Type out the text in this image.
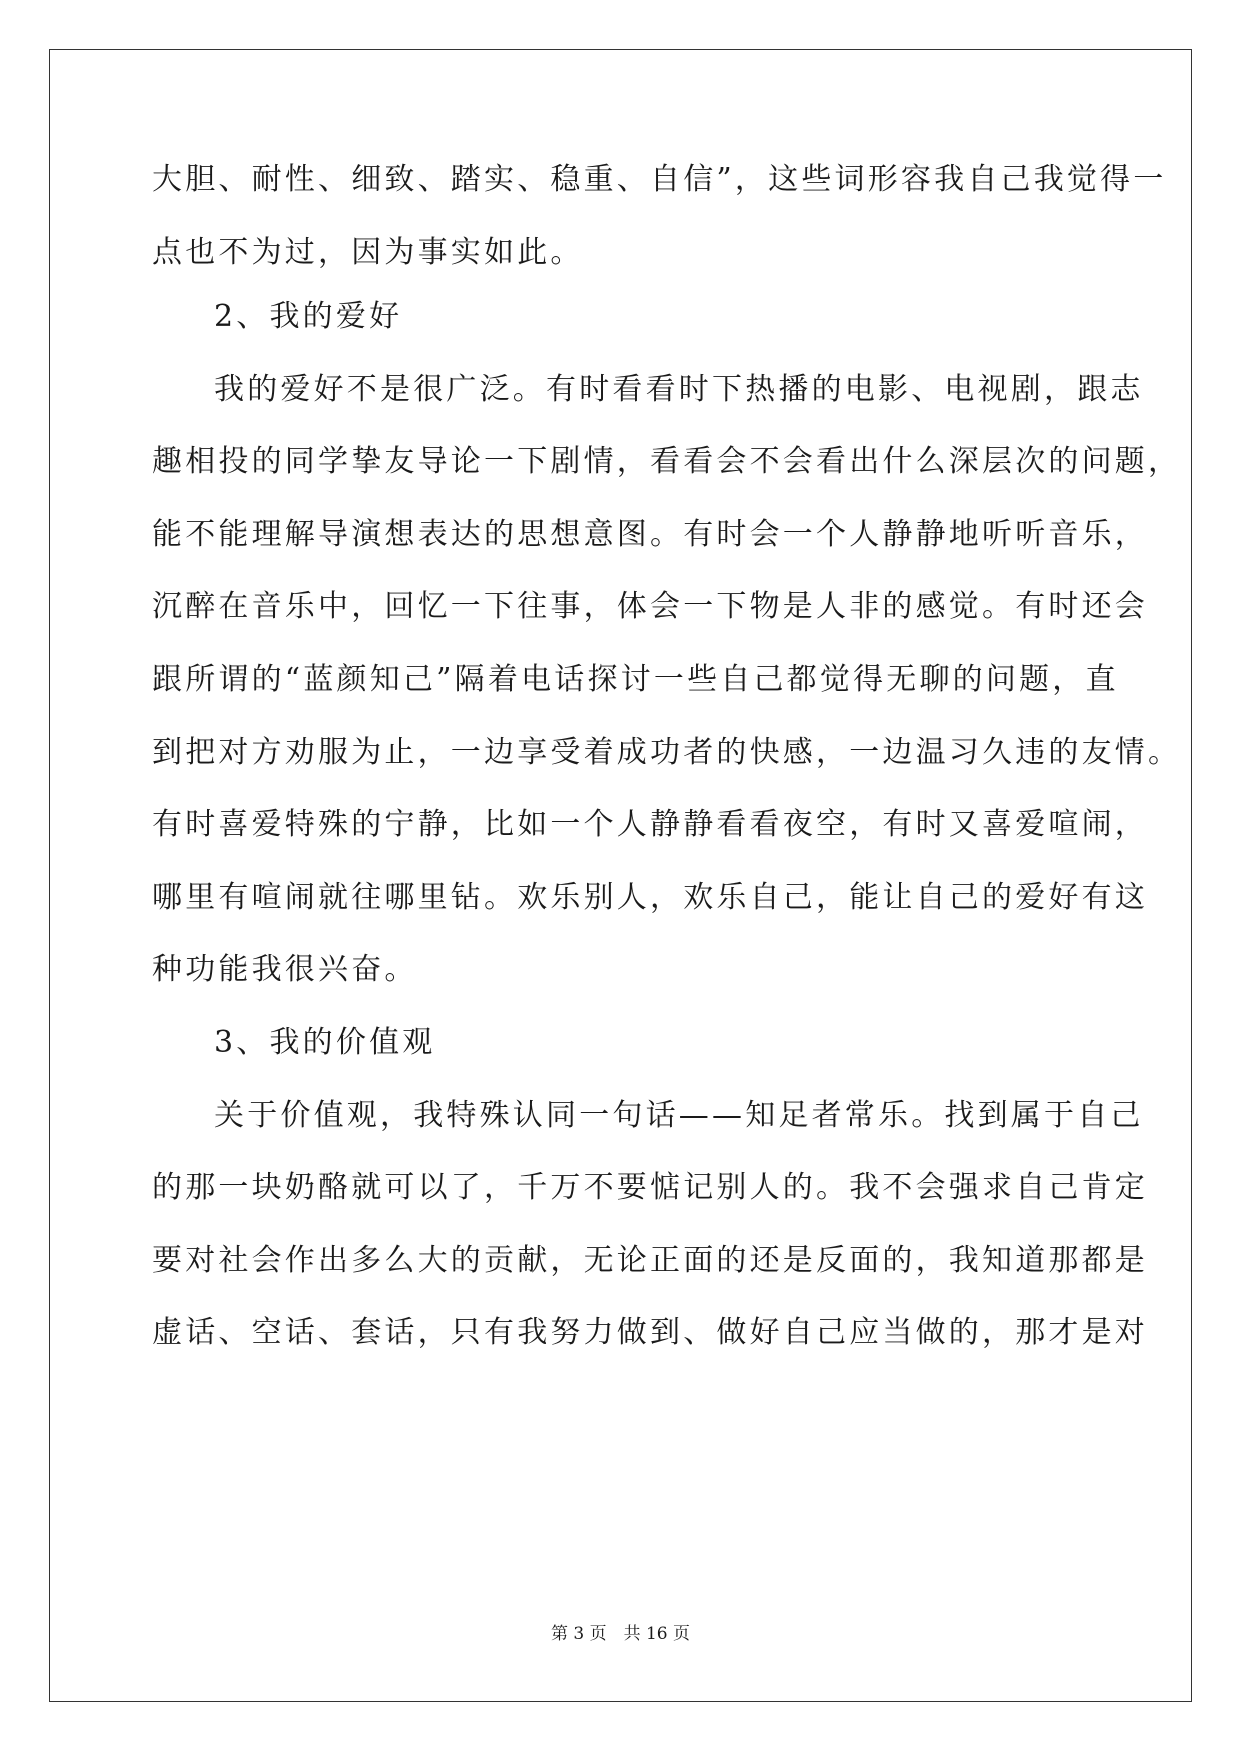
大胆、耐性、细致、踏实、稳重、自信”，这些词形容我自己我觉得一
点也不为过，因为事实如此。
2、我的爱好
我的爱好不是很广泛。有时看看时下热播的电影、电视剧，跟志
趣相投的同学挚友导论一下剧情，看看会不会看出什么深层次的问题，
能不能理解导演想表达的思想意图。有时会一个人静静地听听音乐，
沉醉在音乐中，回忆一下往事，体会一下物是人非的感觉。有时还会
跟所谓的“蓝颜知己”隔着电话探讨一些自己都觉得无聊的问题，直
到把对方劝服为止，一边享受着成功者的快感，一边温习久违的友情。
有时喜爱特殊的宁静，比如一个人静静看看夜空，有时又喜爱喧闹，
哪里有喧闹就往哪里钻。欢乐别人，欢乐自己，能让自己的爱好有这
种功能我很兴奋。
3、我的价值观
关于价值观，我特殊认同一句话——知足者常乐。找到属于自己
的那一块奶酪就可以了，千万不要惦记别人的。我不会强求自己肯定
要对社会作出多么大的贡献，无论正面的还是反面的，我知道那都是
虚话、空话、套话，只有我努力做到、做好自己应当做的，那才是对
第 3 页　共 16 页
